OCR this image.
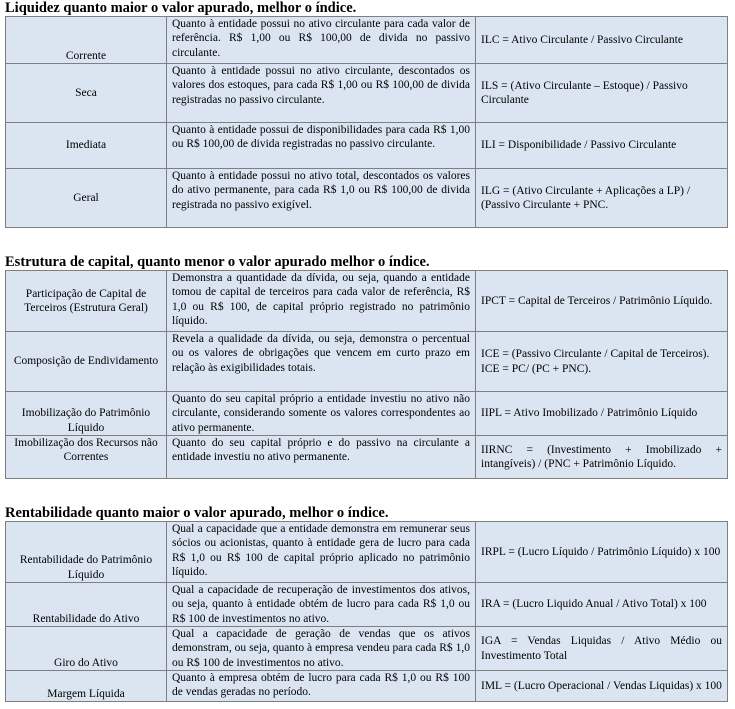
Liquidez quanto maior o valor apurado, melhor o índice.
Corrente	Quanto à entidade possui no ativo circulante para cada valor de referência. R$ 1,00 ou R$ 100,00 de divida no passivo circulante.	ILC = Ativo Circulante / Passivo Circulante
Seca	Quanto à entidade possui no ativo circulante, descontados os valores dos estoques, para cada R$ 1,00 ou R$ 100,00 de divida registradas no passivo circulante.	ILS = (Ativo Circulante – Estoque) / Passivo Circulante
Imediata	Quanto à entidade possui de disponibilidades para cada R$ 1,00 ou R$ 100,00 de divida registradas no passivo circulante.	ILI = Disponibilidade / Passivo Circulante
Geral	Quanto à entidade possui no ativo total, descontados os valores do ativo permanente, para cada R$ 1,0 ou R$ 100,00 de divida registrada no passivo exigível.	ILG = (Ativo Circulante + Aplicações a LP) / (Passivo Circulante + PNC.
Estrutura de capital, quanto menor o valor apurado melhor o índice.
Participação de Capital de Terceiros (Estrutura Geral)	Demonstra a quantidade da dívida, ou seja, quando a entidade tomou de capital de terceiros para cada valor de referência, R$ 1,0 ou R$ 100, de capital próprio registrado no patrimônio líquido.	IPCT = Capital de Terceiros / Patrimônio Líquido.
Composição de Endividamento	Revela a qualidade da dívida, ou seja, demonstra o percentual ou os valores de obrigações que vencem em curto prazo em relação às exigibilidades totais.	ICE = (Passivo Circulante / Capital de Terceiros).
ICE = PC/ (PC + PNC).

Imobilização do Patrimônio Líquido	Quanto do seu capital próprio a entidade investiu no ativo não circulante, considerando somente os valores correspondentes ao ativo permanente.	IIPL = Ativo Imobilizado / Patrimônio Líquido
Imobilização dos Recursos não Correntes	Quanto do seu capital próprio e do passivo na circulante a entidade investiu no ativo permanente.	IIRNC = (Investimento + Imobilizado + intangíveis) / (PNC + Patrimônio Líquido.
Rentabilidade quanto maior o valor apurado, melhor o índice.
Rentabilidade do Patrimônio Líquido	Qual a capacidade que a entidade demonstra em remunerar seus sócios ou acionistas, quanto à entidade gera de lucro para cada R$ 1,0 ou R$ 100 de capital próprio aplicado no patrimônio líquido.	IRPL = (Lucro Líquido / Patrimônio Líquido) x 100
Rentabilidade do Ativo	Qual a capacidade de recuperação de investimentos dos ativos, ou seja, quanto à entidade obtém de lucro para cada R$ 1,0 ou R$ 100 de investimentos no ativo.	IRA = (Lucro Liquido Anual / Ativo Total) x 100
Giro do Ativo	Qual a capacidade de geração de vendas que os ativos demonstram, ou seja, quanto à empresa vendeu para cada R$ 1,0 ou R$ 100 de investimentos no ativo.	IGA = Vendas Liquidas / Ativo Médio ou Investimento Total
Margem Líquida	Quanto à empresa obtém de lucro para cada R$ 1,0 ou R$ 100 de vendas geradas no período.	IML = (Lucro Operacional / Vendas Liquidas) x 100
